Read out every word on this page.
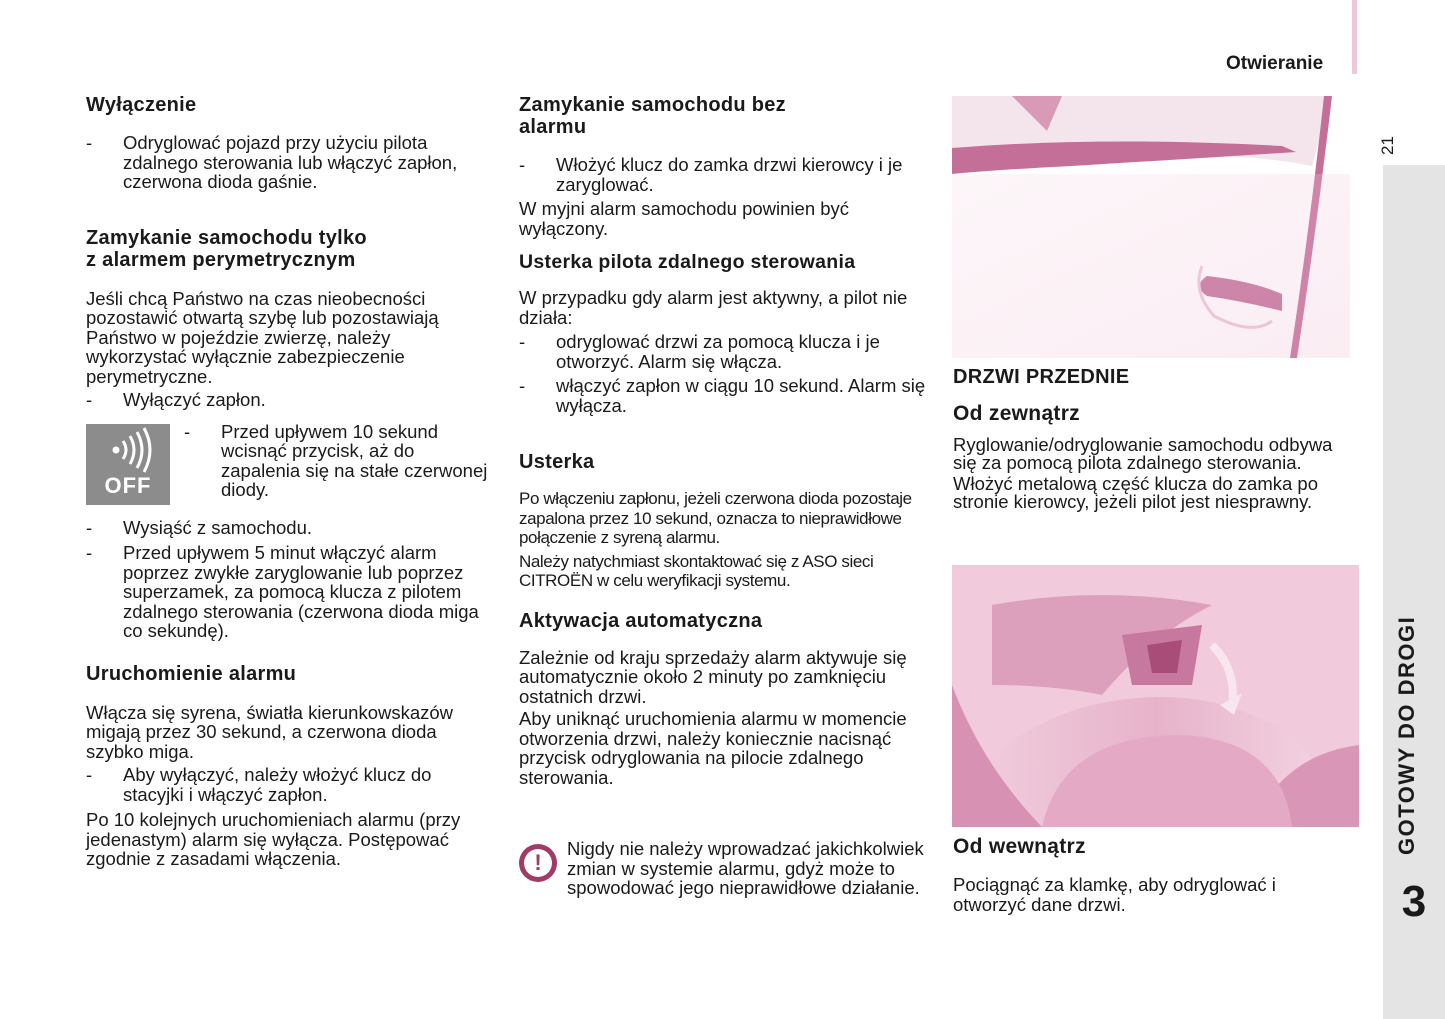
Otwieranie
21
GOTOWY DO DROGI
3
Wyłączenie
-	Odryglować pojazd przy użyciu pilota zdalnego sterowania lub włączyć zapłon, czerwona dioda gaśnie.
Zamykanie samochodu tylko
z alarmem perymetrycznym

Jeśli chcą Państwo na czas nieobecności pozostawić otwartą szybę lub pozostawiają Państwo w pojeździe zwierzę, należy wykorzystać wyłącznie zabezpieczenie perymetryczne.

-	Wyłączyć zapłon.
OFF
-	Przed upływem 10 sekund wcisnąć przycisk, aż do zapalenia się na stałe czerwonej diody.
-	Wysiąść z samochodu.
-	Przed upływem 5 minut włączyć alarm poprzez zwykłe zaryglowanie lub poprzez superzamek, za pomocą klucza z pilotem zdalnego sterowania (czerwona dioda miga co sekundę).
Uruchomienie alarmu

Włącza się syrena, światła kierunkowskazów migają przez 30 sekund, a czerwona dioda szybko miga.

-	Aby wyłączyć, należy włożyć klucz do stacyjki i włączyć zapłon.

Po 10 kolejnych uruchomieniach alarmu (przy jedenastym) alarm się wyłącza. Postępować zgodnie z zasadami włączenia.

Zamykanie samochodu bez
alarmu
-	Włożyć klucz do zamka drzwi kierowcy i je zaryglować.

W myjni alarm samochodu powinien być wyłączony.

Usterka pilota zdalnego sterowania

W przypadku gdy alarm jest aktywny, a pilot nie działa:

-	odryglować drzwi za pomocą klucza i je otworzyć. Alarm się włącza.
-	włączyć zapłon w ciągu 10 sekund. Alarm się wyłącza.
Usterka

Po włączeniu zapłonu, jeżeli czerwona dioda pozostaje zapalona przez 10 sekund, oznacza to nieprawidłowe połączenie z syreną alarmu.

Należy natychmiast skontaktować się z ASO sieci CITROËN w celu weryfikacji systemu.

Aktywacja automatyczna

Zależnie od kraju sprzedaży alarm aktywuje się automatycznie około 2 minuty po zamknięciu ostatnich drzwi.

Aby uniknąć uruchomienia alarmu w momencie otworzenia drzwi, należy koniecznie nacisnąć przycisk odryglowania na pilocie zdalnego sterowania.

!

Nigdy nie należy wprowadzać jakichkolwiek zmian w systemie alarmu, gdyż może to spowodować jego nieprawidłowe działanie.

DRZWI PRZEDNIE
Od zewnątrz

Ryglowanie/odryglowanie samochodu odbywa się za pomocą pilota zdalnego sterowania.

Włożyć metalową część klucza do zamka po stronie kierowcy, jeżeli pilot jest niesprawny.

Od wewnątrz

Pociągnąć za klamkę, aby odryglować i otworzyć dane drzwi.
